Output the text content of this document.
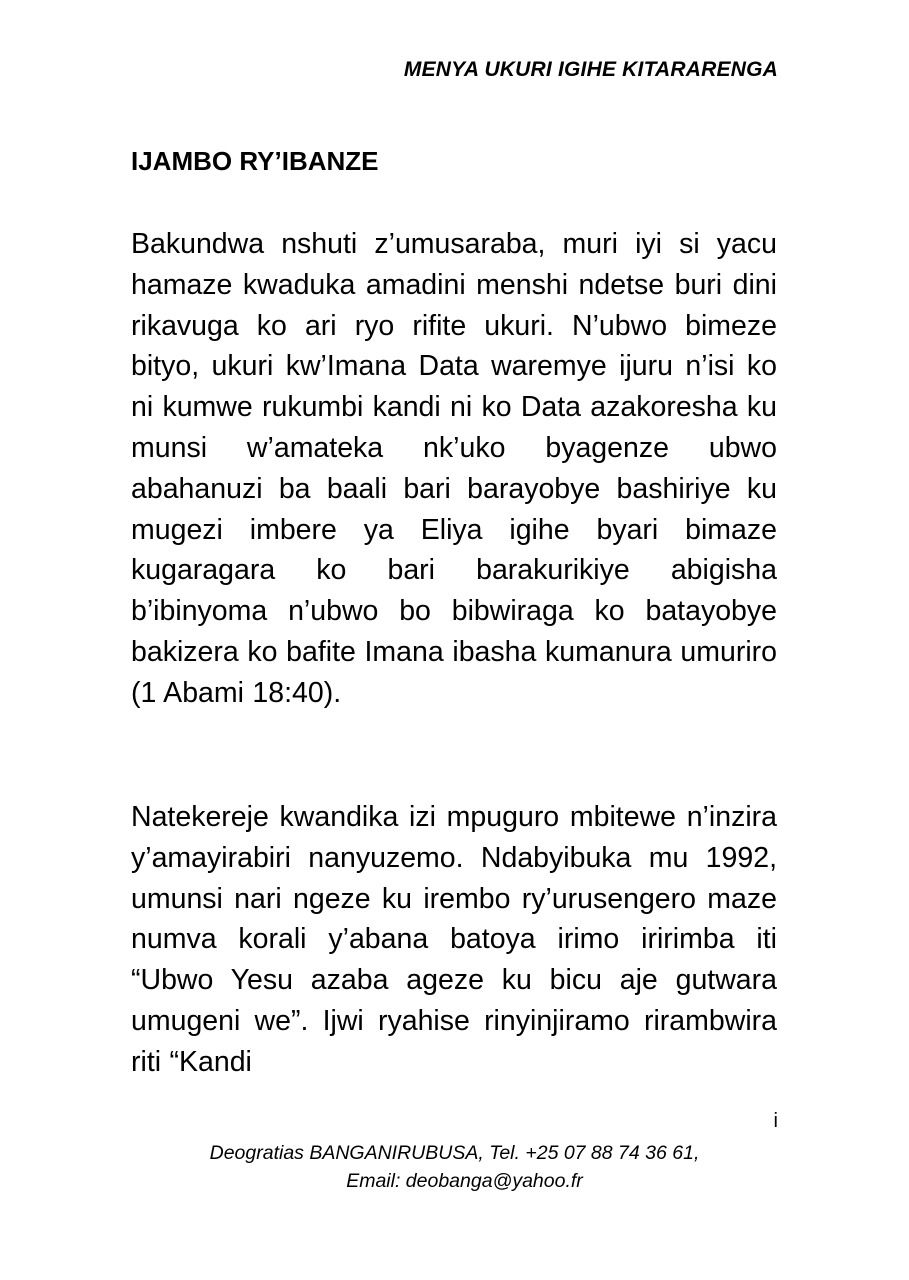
MENYA UKURI IGIHE KITARARENGA
IJAMBO RY’IBANZE

Bakundwa nshuti z’umusaraba, muri iyi si yacu hamaze kwaduka amadini menshi ndetse buri dini rikavuga ko ari ryo rifite ukuri. N’ubwo bimeze bityo, ukuri kw’Imana Data waremye ijuru n’isi ko ni kumwe rukumbi kandi ni ko Data azakoresha ku munsi w’amateka nk’uko byagenze ubwo abahanuzi ba baali bari barayobye bashiriye ku mugezi imbere ya Eliya igihe byari bimaze kugaragara ko bari barakurikiye abigisha b’ibinyoma n’ubwo bo bibwiraga ko batayobye bakizera ko bafite Imana ibasha kumanura umuriro (1 Abami 18:40).

Natekereje kwandika izi mpuguro mbitewe n’inzira y’amayirabiri nanyuzemo. Ndabyibuka mu 1992, umunsi nari ngeze ku irembo ry’urusengero maze numva korali y’abana batoya irimo iririmba iti “Ubwo Yesu azaba ageze ku bicu aje gutwara umugeni we”. Ijwi ryahise rinyinjiramo rirambwira riti “Kandi

i
Deogratias BANGANIRUBUSA, Tel. +25 07 88 74 36 61,
Email: deobanga@yahoo.fr
